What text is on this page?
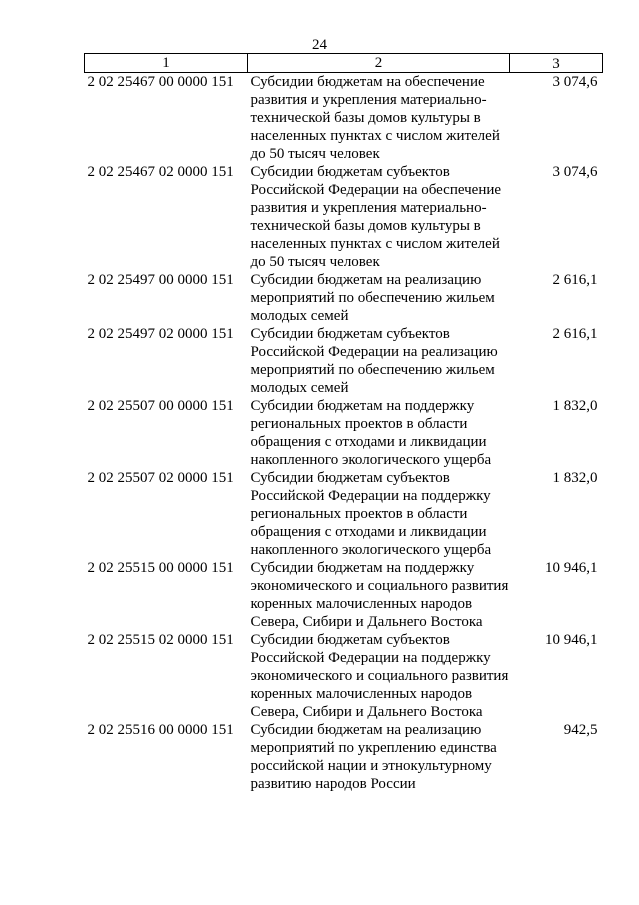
24
1	2	3
2 02 25467 00 0000 151	Субсидии бюджетам на обеспечение развития и укрепления материально-технической базы домов культуры в населенных пунктах с числом жителей до 50 тысяч человек	3 074,6
2 02 25467 02 0000 151	Субсидии бюджетам субъектов Российской Федерации на обеспечение развития и укрепления материально-технической базы домов культуры в населенных пунктах с числом жителей до 50 тысяч человек	3 074,6
2 02 25497 00 0000 151	Субсидии бюджетам на реализацию мероприятий по обеспечению жильем молодых семей	2 616,1
2 02 25497 02 0000 151	Субсидии бюджетам субъектов Российской Федерации на реализацию мероприятий по обеспечению жильем молодых семей	2 616,1
2 02 25507 00 0000 151	Субсидии бюджетам на поддержку региональных проектов в области обращения с отходами и ликвидации накопленного экологического ущерба	1 832,0
2 02 25507 02 0000 151	Субсидии бюджетам субъектов Российской Федерации на поддержку региональных проектов в области обращения с отходами и ликвидации накопленного экологического ущерба	1 832,0
2 02 25515 00 0000 151	Субсидии бюджетам на поддержку экономического и социального развития коренных малочисленных народов Севера, Сибири и Дальнего Востока	10 946,1
2 02 25515 02 0000 151	Субсидии бюджетам субъектов Российской Федерации на поддержку экономического и социального развития коренных малочисленных народов Севера, Сибири и Дальнего Востока	10 946,1
2 02 25516 00 0000 151	Субсидии бюджетам на реализацию мероприятий по укреплению единства российской нации и этнокультурному развитию народов России	942,5
